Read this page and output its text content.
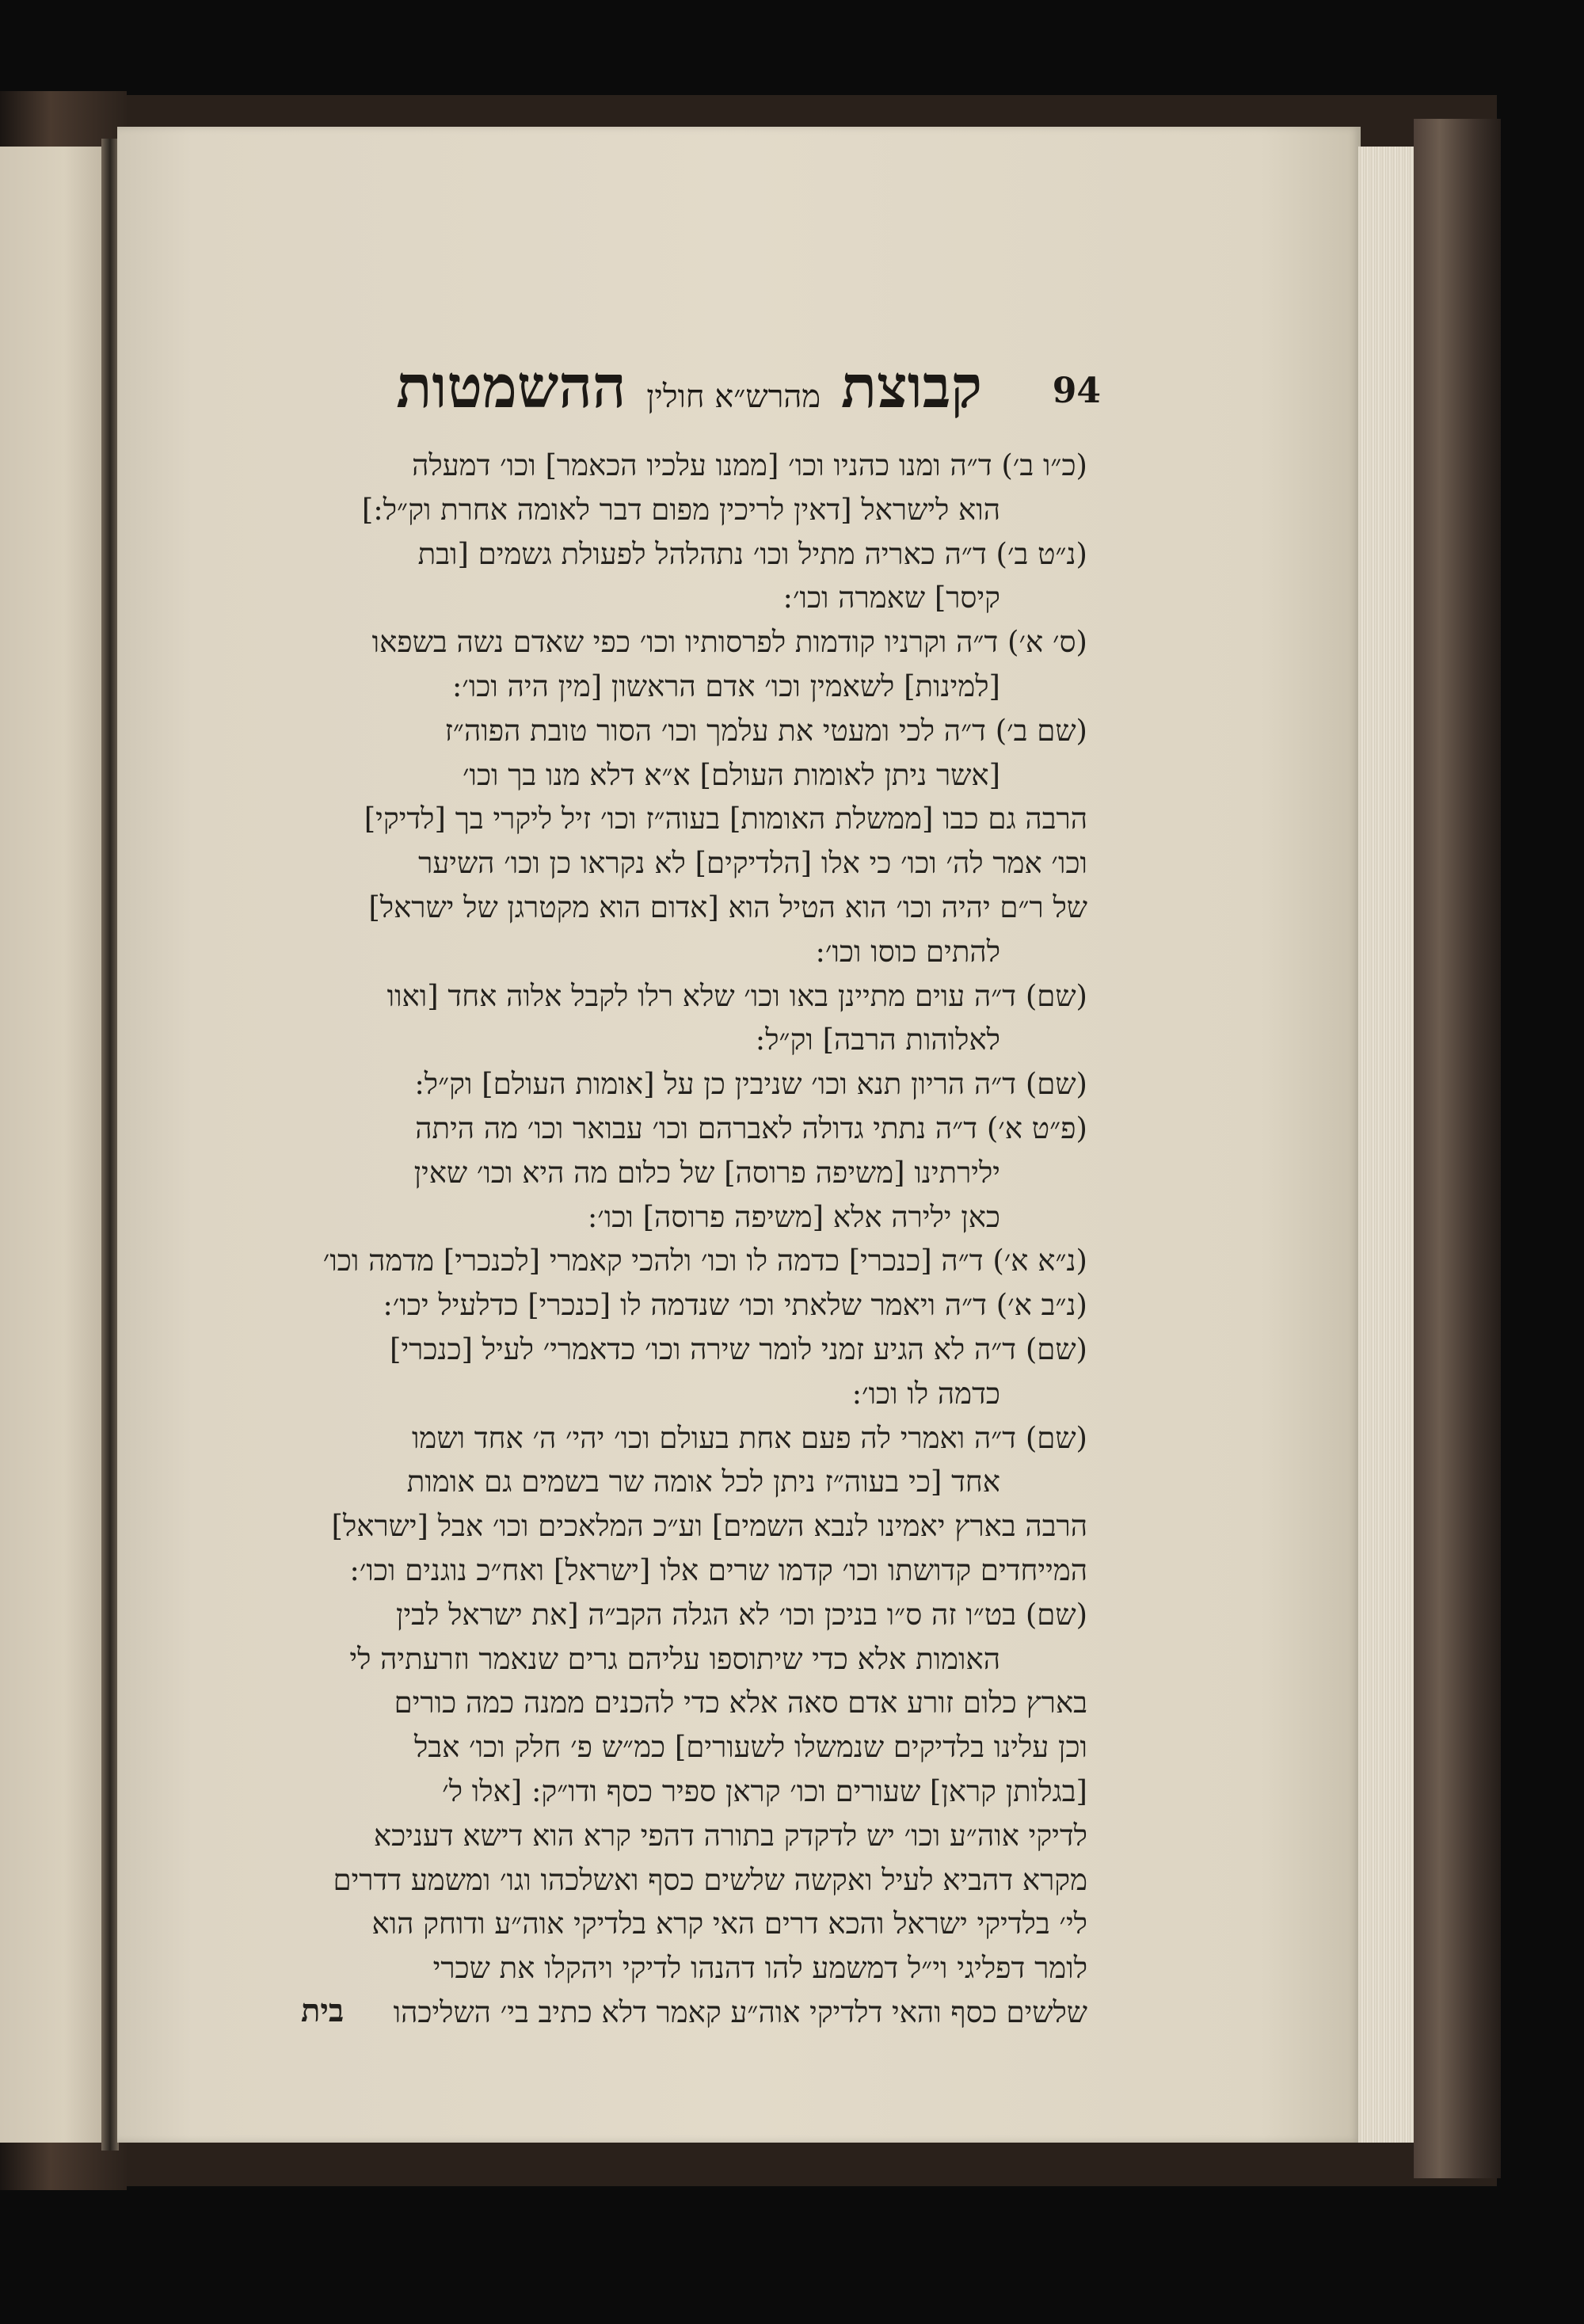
94
קבוצת מהרש״א חולין ההשמטות
(כ״ו ב׳) ד״ה ומנו כהניו וכו׳ [ממנו עלכיו הכאמר] וכו׳ דמעלה
הוא לישראל [דאין לריכין מפום דבר לאומה אחרת וק״ל:]
(נ״ט ב׳) ד״ה כאריה מתיל וכו׳ נתהלהל לפעולת גשמים [ובת
קיסר] שאמרה וכו׳:
(ס׳ א׳) ד״ה וקרניו קודמות לפרסותיו וכו׳ כפי שאדם נשה בשפאו
[למינות] לשאמין וכו׳ אדם הראשון [מין היה וכו׳:
(שם ב׳) ד״ה לכי ומעטי את עלמך וכו׳ הסור טובת הפוה״ז
[אשר ניתן לאומות העולם] א״א דלא מנו בך וכו׳
הרבה גם כבו [ממשלת האומות] בעוה״ז וכו׳ זיל ליקרי בך [לדיקי]
וכו׳ אמר לה׳ וכו׳ כי אלו [הלדיקים] לא נקראו כן וכו׳ השיער
של ר״ם יהיה וכו׳ הוא הטיל הוא [אדום הוא מקטרגן של ישראל]
להתים כוסו וכו׳:
(שם) ד״ה עוים מתיינן באו וכו׳ שלא רלו לקבל אלוה אחד [ואוו
לאלוהות הרבה] וק״ל:
(שם) ד״ה הריון תנא וכו׳ שניבין כן על [אומות העולם] וק״ל:
(פ״ט א׳) ד״ה נתתי גדולה לאברהם וכו׳ עבואר וכו׳ מה היתה
ילירתינו [משיפה פרוסה] של כלום מה היא וכו׳ שאין
כאן ילירה אלא [משיפה פרוסה] וכו׳:
(נ״א א׳) ד״ה [כנכרי] כדמה לו וכו׳ ולהכי קאמרי [לכנכרי] מדמה וכו׳
(נ״ב א׳) ד״ה ויאמר שלאתי וכו׳ שנדמה לו [כנכרי] כדלעיל יכו׳:
(שם) ד״ה לא הגיע זמני לומר שירה וכו׳ כדאמרי׳ לעיל [כנכרי]
כדמה לו וכו׳:
(שם) ד״ה ואמרי לה פעם אחת בעולם וכו׳ יהי׳ ה׳ אחד ושמו
אחד [כי בעוה״ז ניתן לכל אומה שר בשמים גם אומות
הרבה בארץ יאמינו לנבא השמים] וע״כ המלאכים וכו׳ אבל [ישראל]
המייחדים קדושתו וכו׳ קדמו שרים אלו [ישראל] ואח״כ נוגנים וכו׳:
(שם) בט״ו זה ס״ו בניכן וכו׳ לא הגלה הקב״ה [את ישראל לבין
האומות אלא כדי שיתוספו עליהם גרים שנאמר וזרעתיה לי
בארץ כלום זורע אדם סאה אלא כדי להכנים ממנה כמה כורים
וכן עלינו בלדיקים שנמשלו לשעורים] כמ״ש פ׳ חלק וכו׳ אבל
[בגלותן קראן] שעורים וכו׳ קראן ספיר כסף ודו״ק: [אלו ל׳
לדיקי אוה״ע וכו׳ יש לדקדק בתורה דהפי קרא הוא דישא דעניכא
מקרא דהביא לעיל ואקשה שלשים כסף ואשלכהו וגו׳ ומשמע דדרים
לי׳ בלדיקי ישראל והכא דרים האי קרא בלדיקי אוה״ע ודוחק הוא
לומר דפליגי וי״ל דמשמע להו דהנהו לדיקי ויהקלו את שכרי
שלשים כסף והאי דלדיקי אוה״ע קאמר דלא כתיב בי׳ השליכהו
בית
